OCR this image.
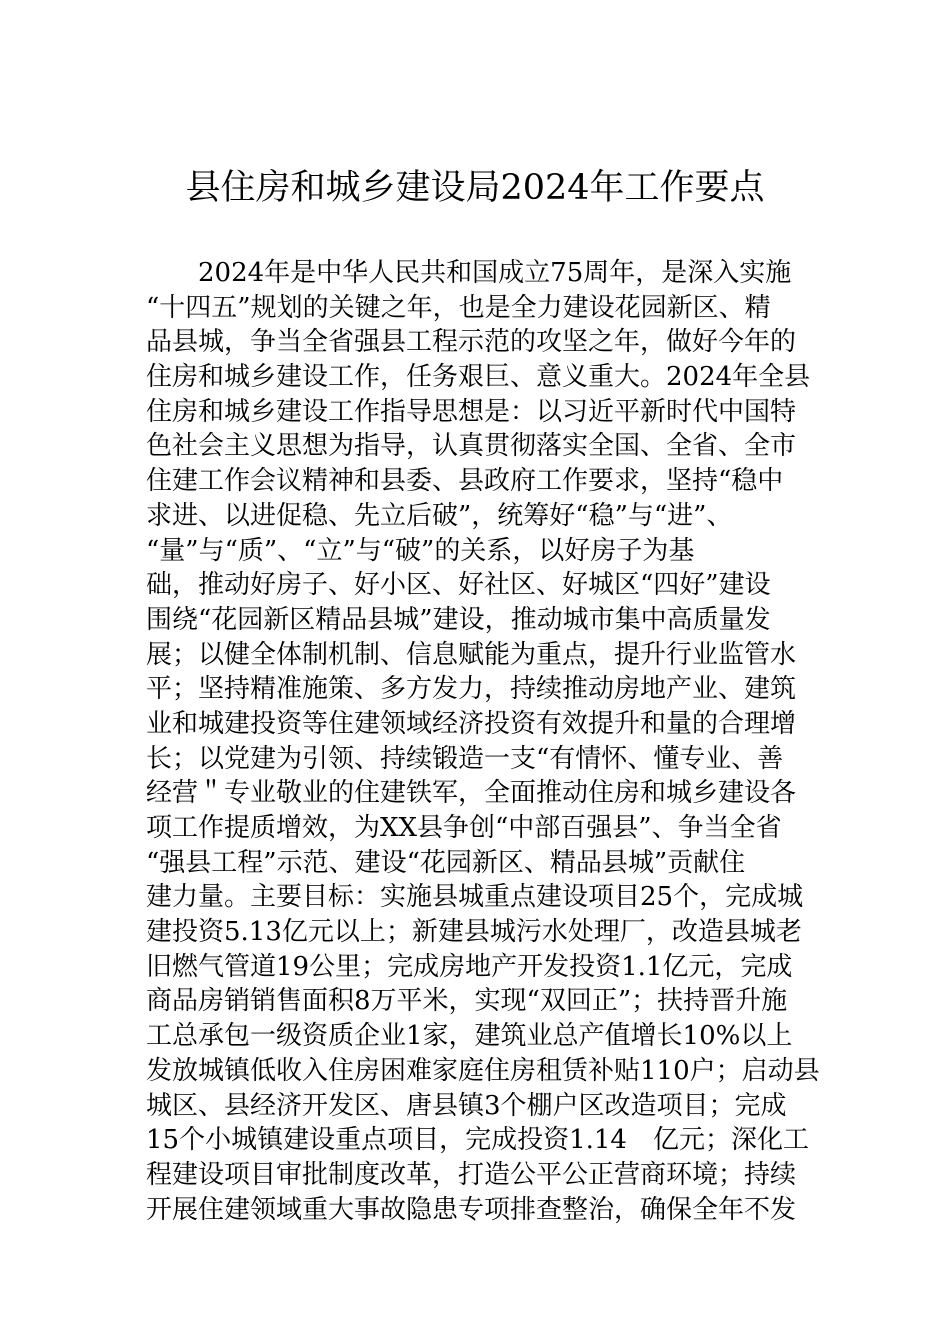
县住房和城乡建设局2024年工作要点
2024年是中华人民共和国成立75周年，是深入实施
“十四五”规划的关键之年，也是全力建设花园新区、精
品县城，争当全省强县工程示范的攻坚之年，做好今年的
住房和城乡建设工作，任务艰巨、意义重大。2024年全县
住房和城乡建设工作指导思想是：以习近平新时代中国特
色社会主义思想为指导，认真贯彻落实全国、全省、全市
住建工作会议精神和县委、县政府工作要求，坚持“稳中
求进、以进促稳、先立后破”，统筹好“稳”与“进”、
“量”与“质”、“立”与“破”的关系，以好房子为基
础，推动好房子、好小区、好社区、好城区“四好”建设
围绕“花园新区精品县城”建设，推动城市集中高质量发
展；以健全体制机制、信息赋能为重点，提升行业监管水
平；坚持精准施策、多方发力，持续推动房地产业、建筑
业和城建投资等住建领域经济投资有效提升和量的合理增
长；以党建为引领、持续锻造一支“有情怀、懂专业、善
经营＂专业敬业的住建铁军，全面推动住房和城乡建设各
项工作提质增效，为XX县争创“中部百强县”、争当全省
“强县工程”示范、建设“花园新区、精品县城”贡献住
建力量。主要目标：实施县城重点建设项目25个，完成城
建投资5.13亿元以上；新建县城污水处理厂，改造县城老
旧燃气管道19公里；完成房地产开发投资1.1亿元，完成
商品房销销售面积8万平米，实现“双回正”；扶持晋升施
工总承包一级资质企业1家，建筑业总产值增长10%以上
发放城镇低收入住房困难家庭住房租赁补贴110户；启动县
城区、县经济开发区、唐县镇3个棚户区改造项目；完成
15个小城镇建设重点项目，完成投资1.14　亿元；深化工
程建设项目审批制度改革，打造公平公正营商环境；持续
开展住建领域重大事故隐患专项排查整治，确保全年不发
